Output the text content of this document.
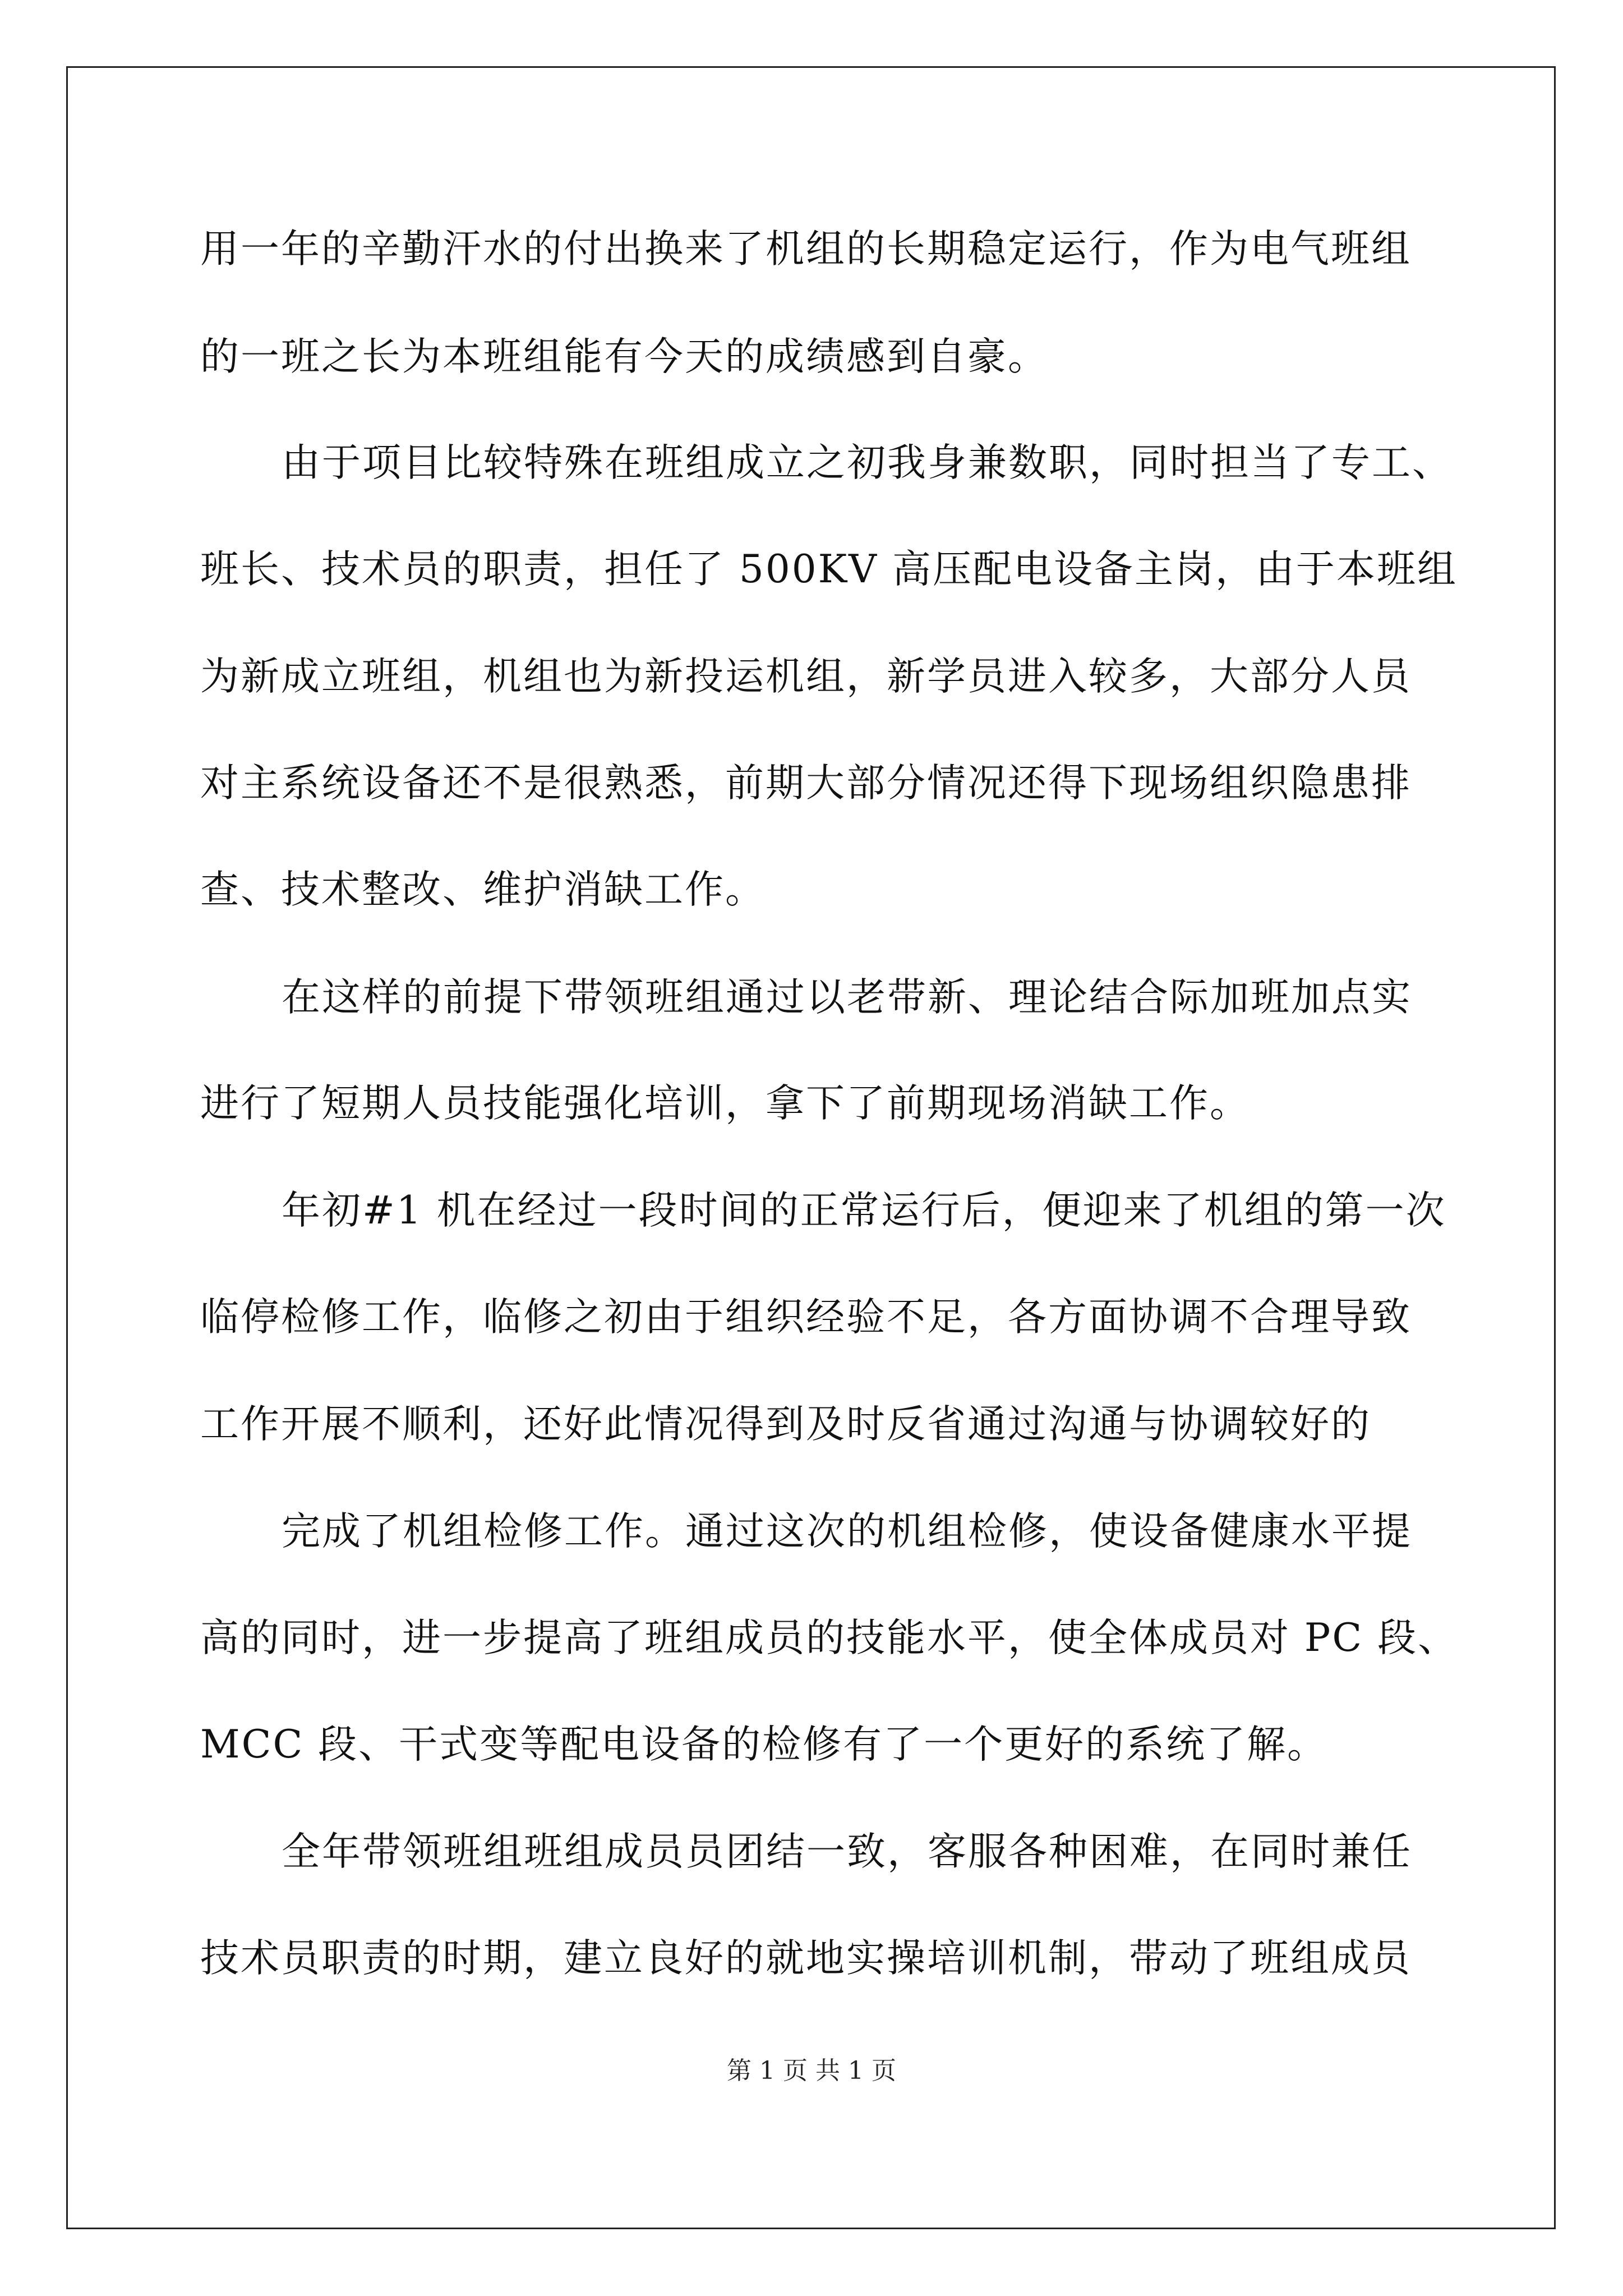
用一年的辛勤汗水的付出换来了机组的长期稳定运行，作为电气班组
的一班之长为本班组能有今天的成绩感到自豪。
由于项目比较特殊在班组成立之初我身兼数职，同时担当了专工、
班长、技术员的职责，担任了 500KV 高压配电设备主岗，由于本班组
为新成立班组，机组也为新投运机组，新学员进入较多，大部分人员
对主系统设备还不是很熟悉，前期大部分情况还得下现场组织隐患排
查、技术整改、维护消缺工作。
在这样的前提下带领班组通过以老带新、理论结合际加班加点实
进行了短期人员技能强化培训，拿下了前期现场消缺工作。
年初#1 机在经过一段时间的正常运行后，便迎来了机组的第一次
临停检修工作，临修之初由于组织经验不足，各方面协调不合理导致
工作开展不顺利，还好此情况得到及时反省通过沟通与协调较好的
完成了机组检修工作。通过这次的机组检修，使设备健康水平提
高的同时，进一步提高了班组成员的技能水平，使全体成员对 PC 段、
MCC 段、干式变等配电设备的检修有了一个更好的系统了解。
全年带领班组班组成员员团结一致，客服各种困难，在同时兼任
技术员职责的时期，建立良好的就地实操培训机制，带动了班组成员
第 1 页 共 1 页
